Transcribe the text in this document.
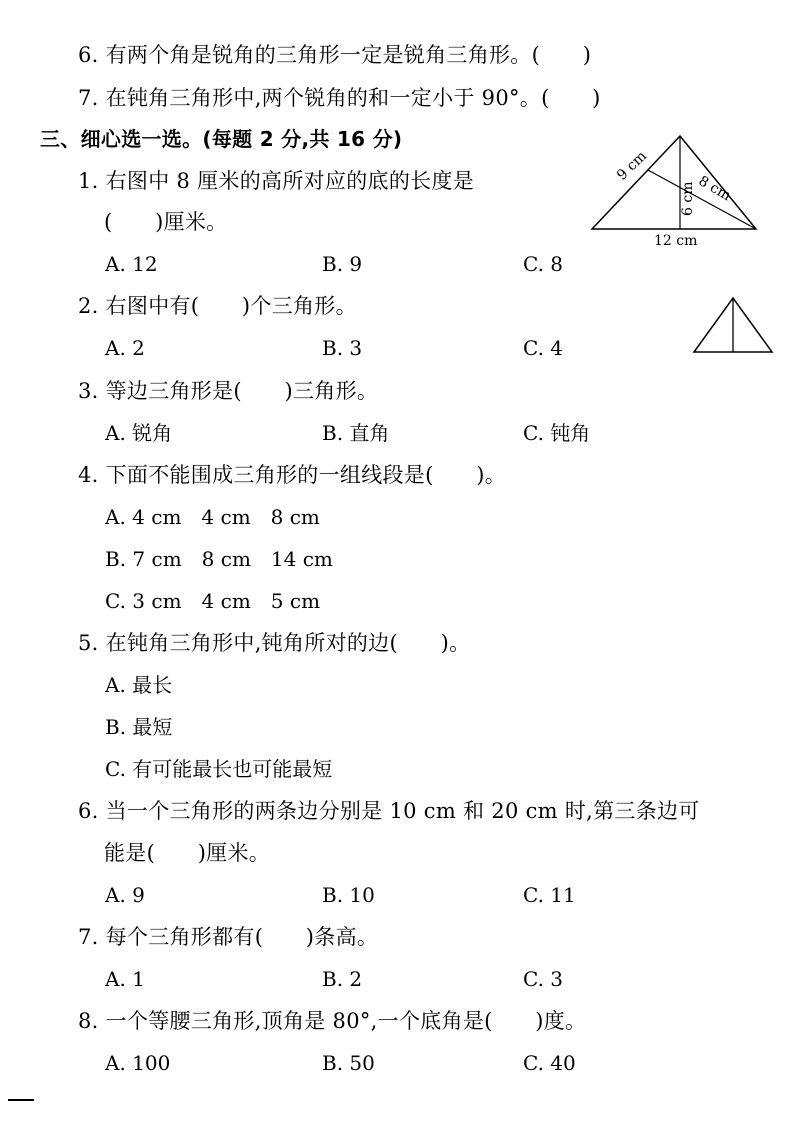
6. 有两个角是锐角的三角形一定是锐角三角形。(　　)
7. 在钝角三角形中,两个锐角的和一定小于 90°。(　　)
三、细心选一选。(每题 2 分,共 16 分)
1. 右图中 8 厘米的高所对应的底的长度是
(　　)厘米。
A. 12	B. 9	C. 8
9 cm
8 cm
6 cm
12 cm
2. 右图中有(　　)个三角形。
A. 2	B. 3	C. 4
3. 等边三角形是(　　)三角形。
A. 锐角	B. 直角	C. 钝角
4. 下面不能围成三角形的一组线段是(　　)。
A. 4 cm　4 cm　8 cm
B. 7 cm　8 cm　14 cm
C. 3 cm　4 cm　5 cm
5. 在钝角三角形中,钝角所对的边(　　)。
A. 最长
B. 最短
C. 有可能最长也可能最短
6. 当一个三角形的两条边分别是 10 cm 和 20 cm 时,第三条边可
能是(　　)厘米。
A. 9	B. 10	C. 11
7. 每个三角形都有(　　)条高。
A. 1	B. 2	C. 3
8. 一个等腰三角形,顶角是 80°,一个底角是(　　)度。
A. 100	B. 50	C. 40
